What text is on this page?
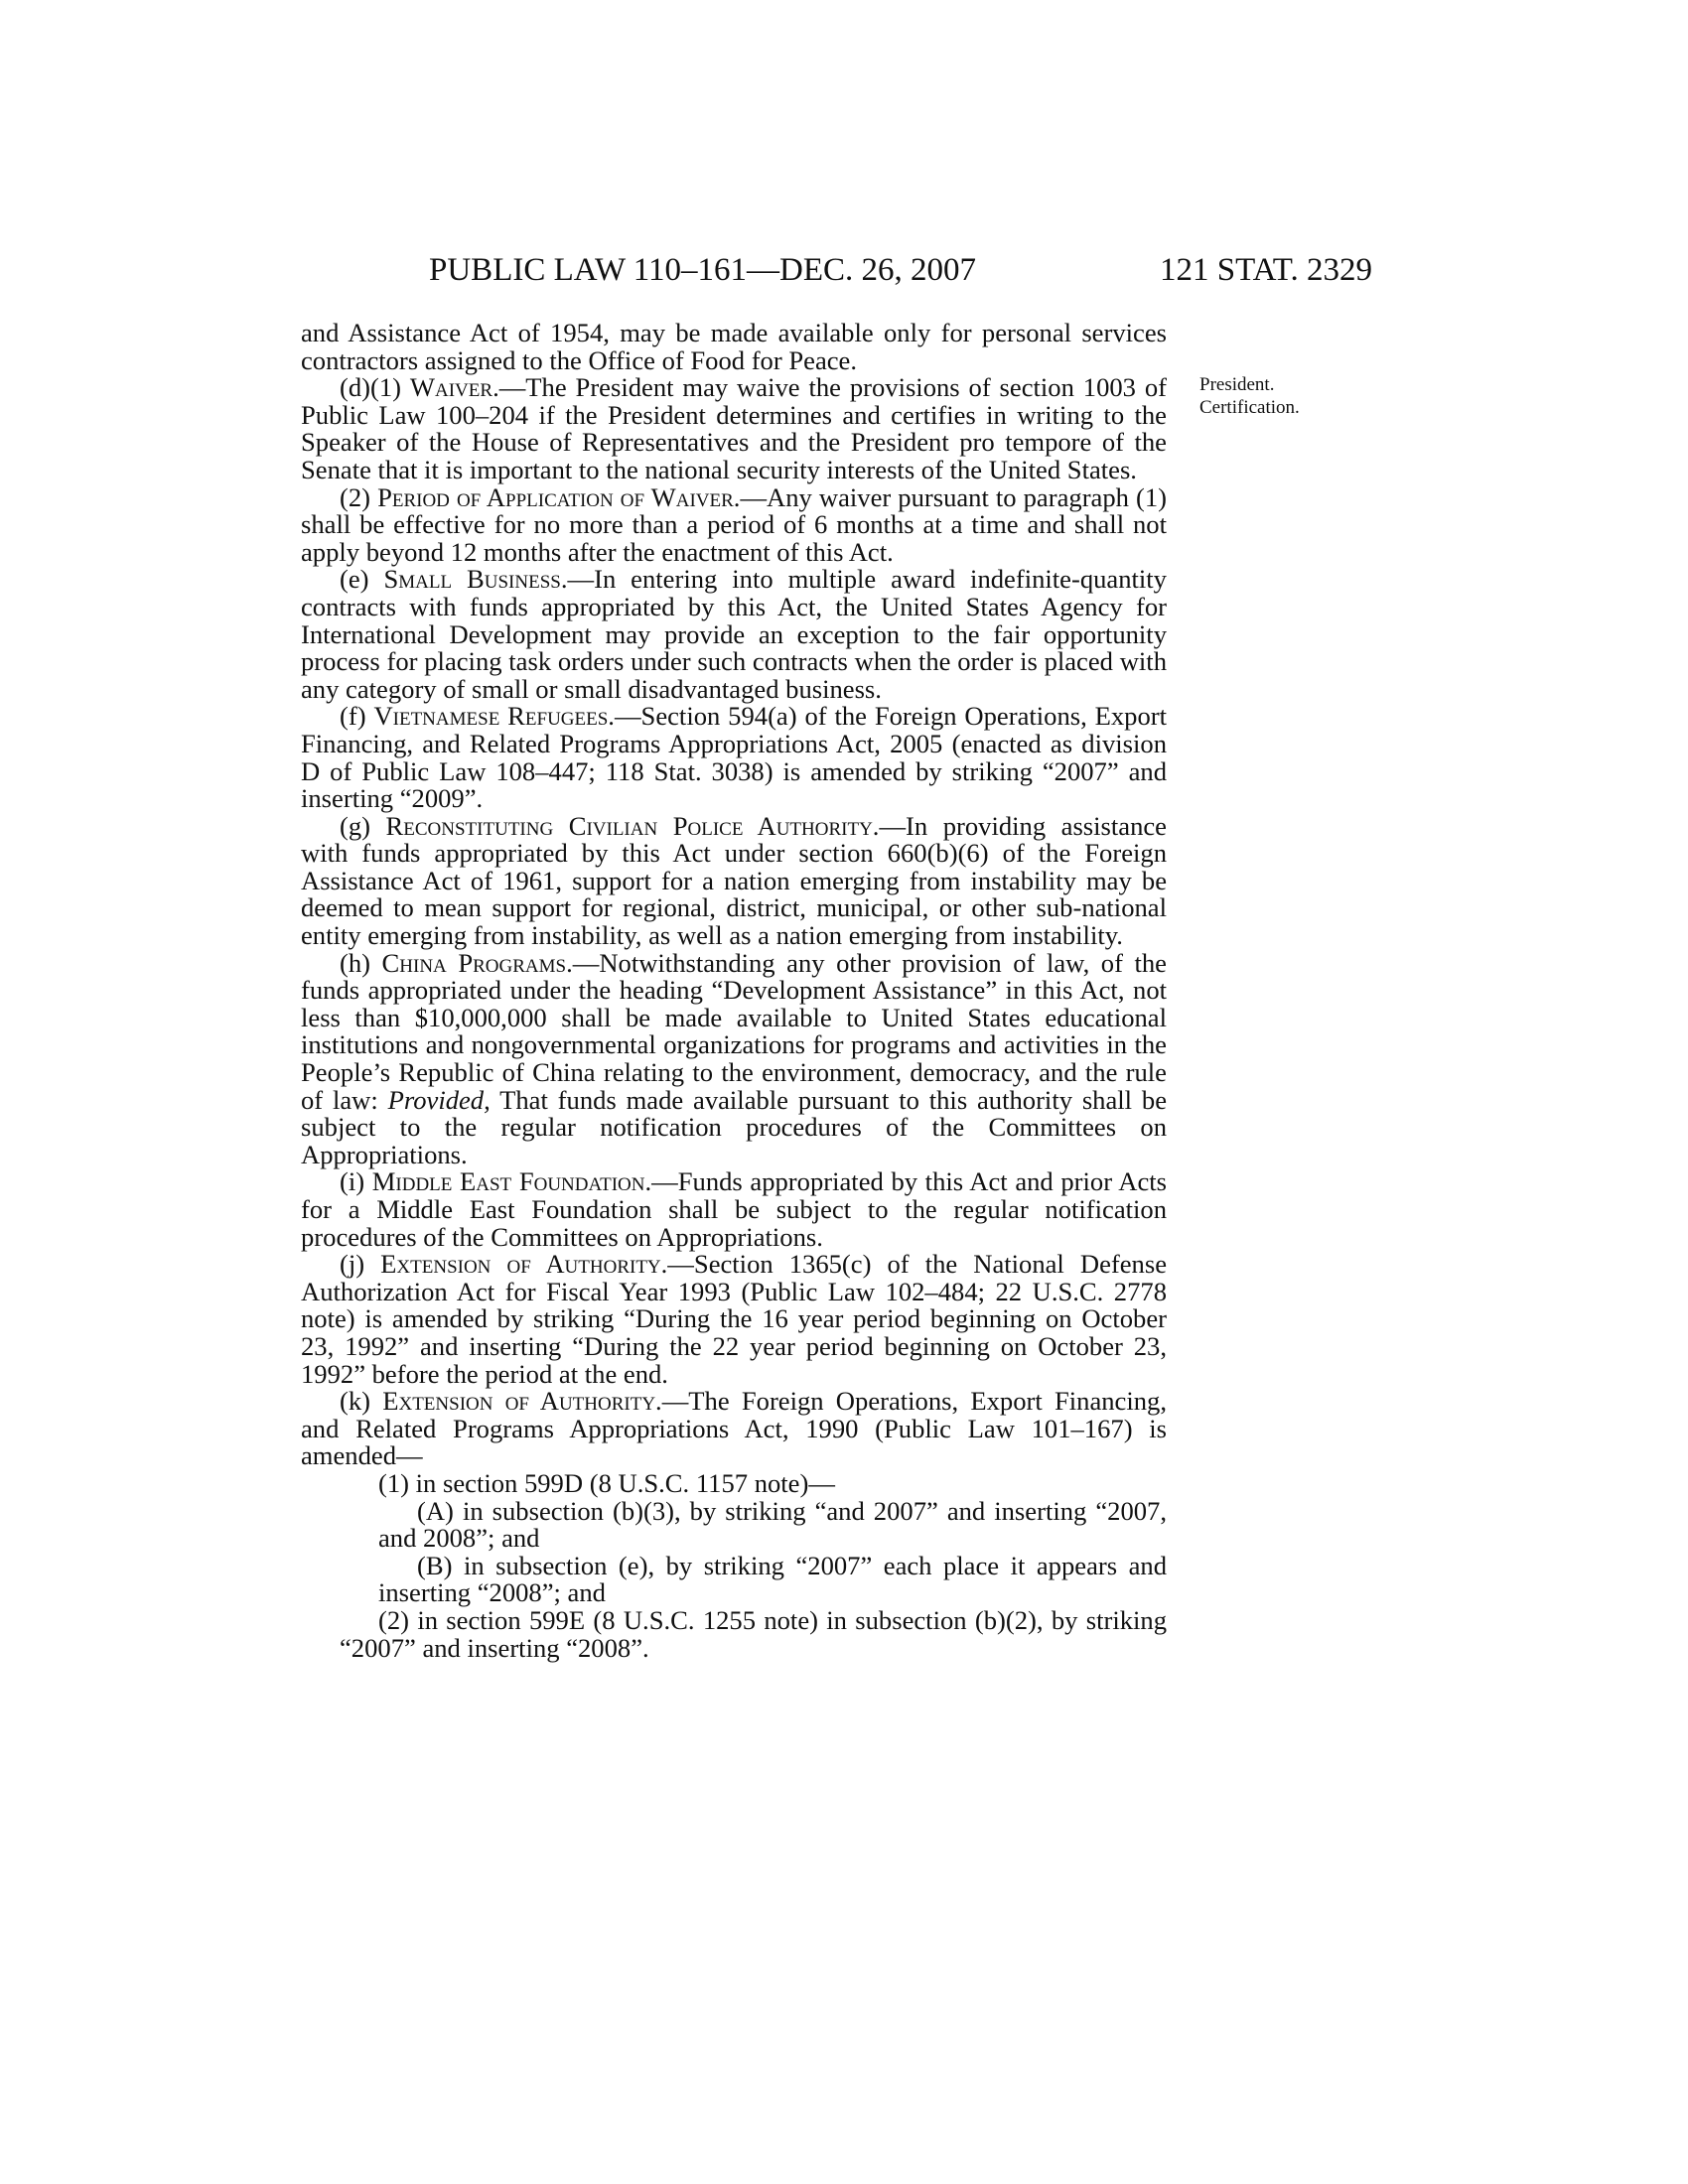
PUBLIC LAW 110–161—DEC. 26, 2007	121 STAT. 2329
President.
Certification.

and Assistance Act of 1954, may be made available only for personal services contractors assigned to the Office of Food for Peace.

(d)(1) Waiver.—The President may waive the provisions of section 1003 of Public Law 100–204 if the President determines and certifies in writing to the Speaker of the House of Representatives and the President pro tempore of the Senate that it is important to the national security interests of the United States.

(2) Period of Application of Waiver.—Any waiver pursuant to paragraph (1) shall be effective for no more than a period of 6 months at a time and shall not apply beyond 12 months after the enactment of this Act.

(e) Small Business.—In entering into multiple award indefinite-quantity contracts with funds appropriated by this Act, the United States Agency for International Development may provide an exception to the fair opportunity process for placing task orders under such contracts when the order is placed with any category of small or small disadvantaged business.

(f) Vietnamese Refugees.—Section 594(a) of the Foreign Operations, Export Financing, and Related Programs Appropriations Act, 2005 (enacted as division D of Public Law 108–447; 118 Stat. 3038) is amended by striking “2007” and inserting “2009”.

(g) Reconstituting Civilian Police Authority.—In providing assistance with funds appropriated by this Act under section 660(b)(6) of the Foreign Assistance Act of 1961, support for a nation emerging from instability may be deemed to mean support for regional, district, municipal, or other sub-national entity emerging from instability, as well as a nation emerging from instability.

(h) China Programs.—Notwithstanding any other provision of law, of the funds appropriated under the heading “Development Assistance” in this Act, not less than $10,000,000 shall be made available to United States educational institutions and nongovernmental organizations for programs and activities in the People’s Republic of China relating to the environment, democracy, and the rule of law: Provided, That funds made available pursuant to this authority shall be subject to the regular notification procedures of the Committees on Appropriations.

(i) Middle East Foundation.—Funds appropriated by this Act and prior Acts for a Middle East Foundation shall be subject to the regular notification procedures of the Committees on Appropriations.

(j) Extension of Authority.—Section 1365(c) of the National Defense Authorization Act for Fiscal Year 1993 (Public Law 102–484; 22 U.S.C. 2778 note) is amended by striking “During the 16 year period beginning on October 23, 1992” and inserting “During the 22 year period beginning on October 23, 1992” before the period at the end.

(k) Extension of Authority.—The Foreign Operations, Export Financing, and Related Programs Appropriations Act, 1990 (Public Law 101–167) is amended—

(1) in section 599D (8 U.S.C. 1157 note)—

(A) in subsection (b)(3), by striking “and 2007” and inserting “2007, and 2008”; and

(B) in subsection (e), by striking “2007” each place it appears and inserting “2008”; and

(2) in section 599E (8 U.S.C. 1255 note) in subsection (b)(2), by striking “2007” and inserting “2008”.
